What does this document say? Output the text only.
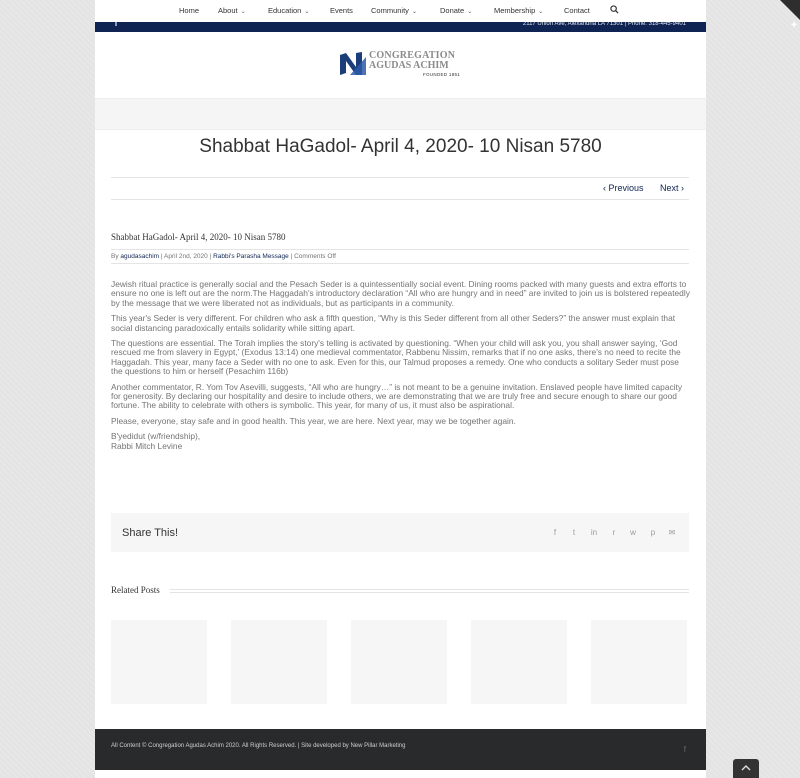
✚
Home	About ⌄	Education ⌄	Events Community ⌄	Donate ⌄	Membership ⌄	Contact
2117 Union Ave, Alexandria LA 71301 | Phone: 318-445-9401
CONGREGATION
AGUDAS ACHIM
FOUNDED 1851
Shabbat HaGadol- April 4, 2020- 10 Nisan 5780
‹ Previous Next ›
Shabbat HaGadol- April 4, 2020- 10 Nisan 5780
By agudasachim | April 2nd, 2020 | Rabbi's Parasha Message | Comments Off

Jewish ritual practice is generally social and the Pesach Seder is a quintessentially social event. Dining rooms packed with many guests and extra efforts to ensure no one is left out are the norm.The Haggadah's introductory declaration “All who are hungry and in need” are invited to join us is bolstered repeatedly by the message that we were liberated not as individuals, but as participants in a community.

This year's Seder is very different. For children who ask a fifth question, “Why is this Seder different from all other Seders?” the answer must explain that social distancing paradoxically entails solidarity while sitting apart.

The questions are essential. The Torah implies the story's telling is activated by questioning. “When your child will ask you, you shall answer saying, ‘God rescued me from slavery in Egypt,’ (Exodus 13:14) one medieval commentator, Rabbenu Nissim, remarks that if no one asks, there's no need to recite the Haggadah. This year, many face a Seder with no one to ask. Even for this, our Talmud proposes a remedy. One who conducts a solitary Seder must pose the questions to him or herself (Pesachim 116b)

Another commentator, R. Yom Tov Asevilli, suggests, “All who are hungry…” is not meant to be a genuine invitation. Enslaved people have limited capacity for generosity. By declaring our hospitality and desire to include others, we are demonstrating that we are truly free and secure enough to share our good fortune. The ability to celebrate with others is symbolic. This year, for many of us, it must also be aspirational.

Please, everyone, stay safe and in good health. This year, we are here. Next year, may we be together again.

B'yedidut (w/friendship),
Rabbi Mitch Levine
Share This!	f	t	in	r	w	p	✉
Related Posts
All Content © Congregation Agudas Achim 2020. All Rights Reserved. | Site developed by New Pillar Marketing	f
